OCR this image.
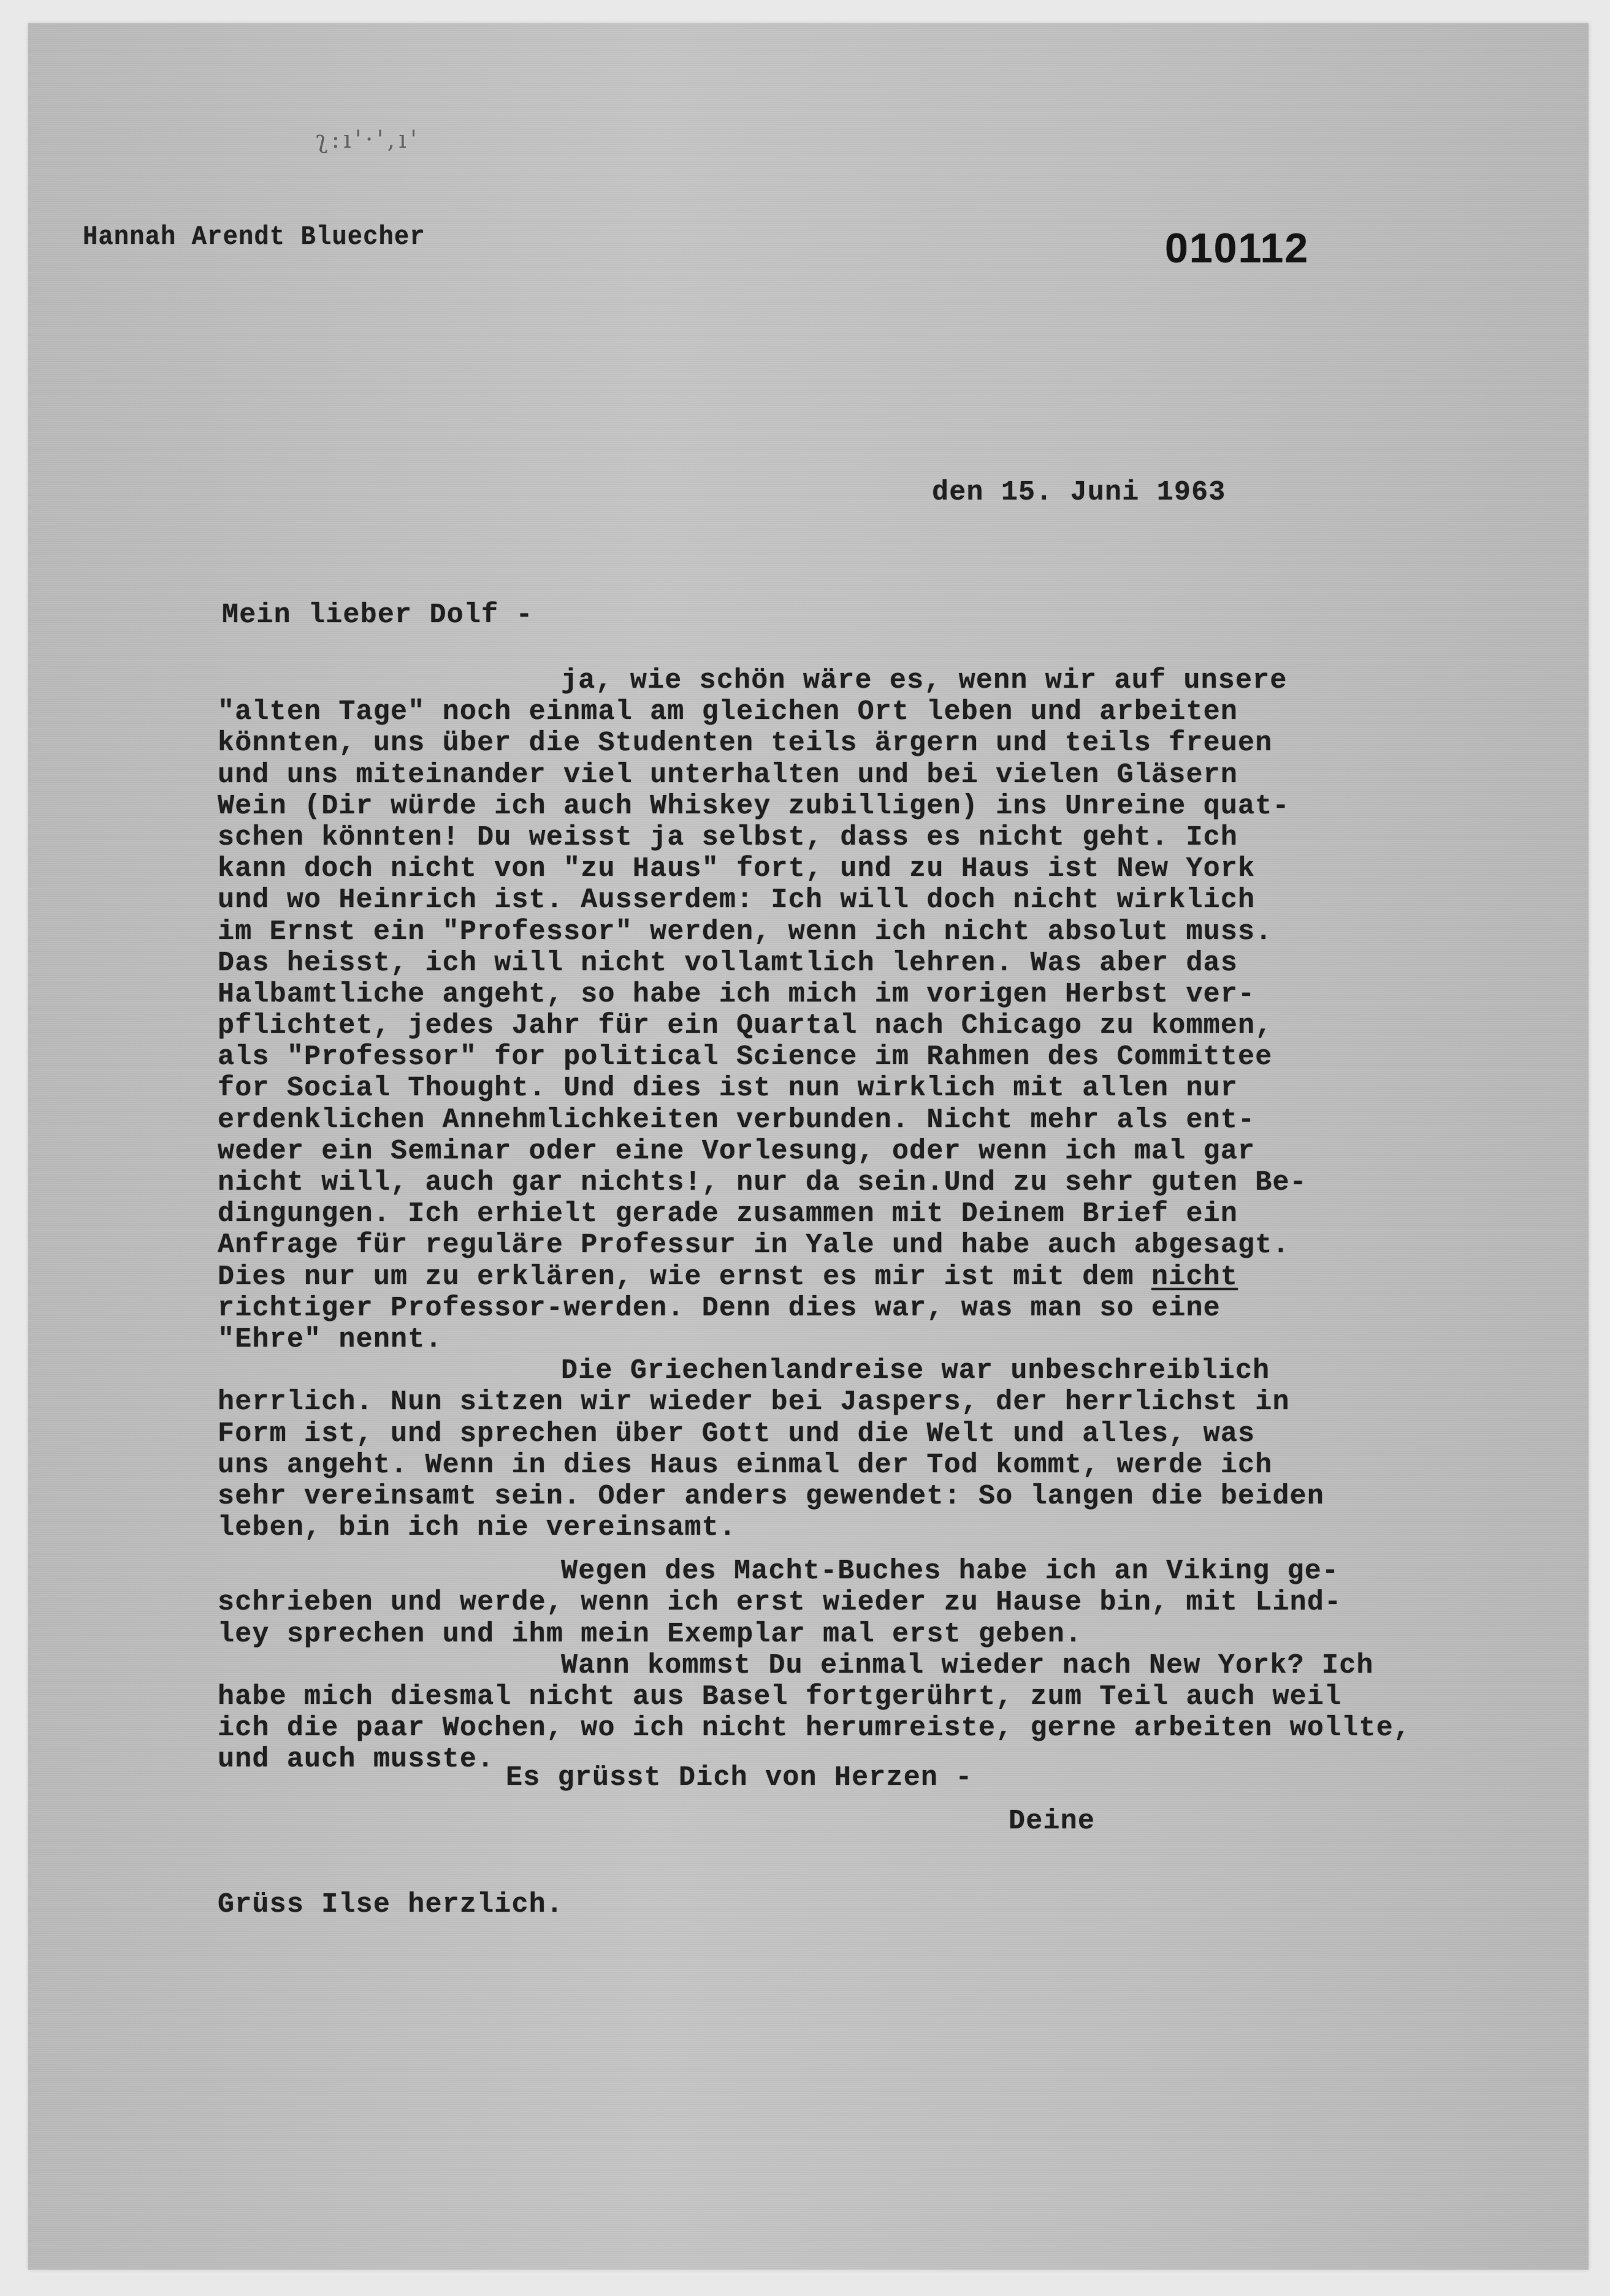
ʅ:ı'·',ı'
Hannah Arendt Bluecher	010112
den 15. Juni 1963
Mein lieber Dolf -
ja, wie schön wäre es, wenn wir auf unsere
"alten Tage" noch einmal am gleichen Ort leben und arbeiten
könnten, uns über die Studenten teils ärgern und teils freuen
und uns miteinander viel unterhalten und bei vielen Gläsern
Wein (Dir würde ich auch Whiskey zubilligen) ins Unreine quat-
schen könnten! Du weisst ja selbst, dass es nicht geht. Ich
kann doch nicht von "zu Haus" fort, und zu Haus ist New York
und wo Heinrich ist. Ausserdem: Ich will doch nicht wirklich
im Ernst ein "Professor" werden, wenn ich nicht absolut muss.
Das heisst, ich will nicht vollamtlich lehren. Was aber das
Halbamtliche angeht, so habe ich mich im vorigen Herbst ver-
pflichtet, jedes Jahr für ein Quartal nach Chicago zu kommen,
als "Professor" for political Science im Rahmen des Committee
for Social Thought. Und dies ist nun wirklich mit allen nur
erdenklichen Annehmlichkeiten verbunden. Nicht mehr als ent-
weder ein Seminar oder eine Vorlesung, oder wenn ich mal gar
nicht will, auch gar nichts!, nur da sein.Und zu sehr guten Be-
dingungen. Ich erhielt gerade zusammen mit Deinem Brief ein
Anfrage für reguläre Professur in Yale und habe auch abgesagt.
Dies nur um zu erklären, wie ernst es mir ist mit dem nicht
richtiger Professor-werden. Denn dies war, was man so eine
"Ehre" nennt.
Die Griechenlandreise war unbeschreiblich
herrlich. Nun sitzen wir wieder bei Jaspers, der herrlichst in
Form ist, und sprechen über Gott und die Welt und alles, was
uns angeht. Wenn in dies Haus einmal der Tod kommt, werde ich
sehr vereinsamt sein. Oder anders gewendet: So langen die beiden
leben, bin ich nie vereinsamt.
Wegen des Macht-Buches habe ich an Viking ge-
schrieben und werde, wenn ich erst wieder zu Hause bin, mit Lind-
ley sprechen und ihm mein Exemplar mal erst geben.
Wann kommst Du einmal wieder nach New York? Ich
habe mich diesmal nicht aus Basel fortgerührt, zum Teil auch weil
ich die paar Wochen, wo ich nicht herumreiste, gerne arbeiten wollte,
und auch musste.
Es grüsst Dich von Herzen -
Deine
Grüss Ilse herzlich.
